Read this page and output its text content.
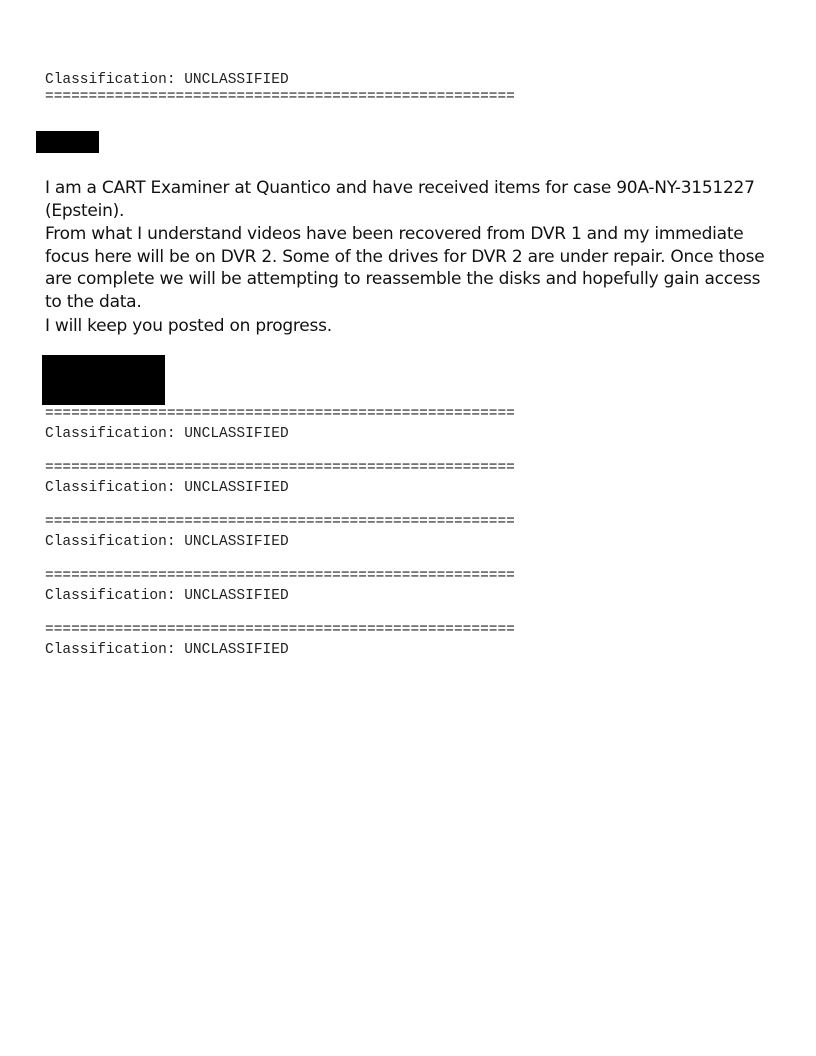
Classification: UNCLASSIFIED

======================================================

I am a CART Examiner at Quantico and have received items for case 90A-NY-3151227 (Epstein).

From what I understand videos have been recovered from DVR 1 and my immediate focus here will be on DVR 2. Some of the drives for DVR 2 are under repair. Once those are complete we will be attempting to reassemble the disks and hopefully gain access to the data.

I will keep you posted on progress.

======================================================

Classification: UNCLASSIFIED

======================================================

Classification: UNCLASSIFIED

======================================================

Classification: UNCLASSIFIED

======================================================

Classification: UNCLASSIFIED

======================================================

Classification: UNCLASSIFIED
